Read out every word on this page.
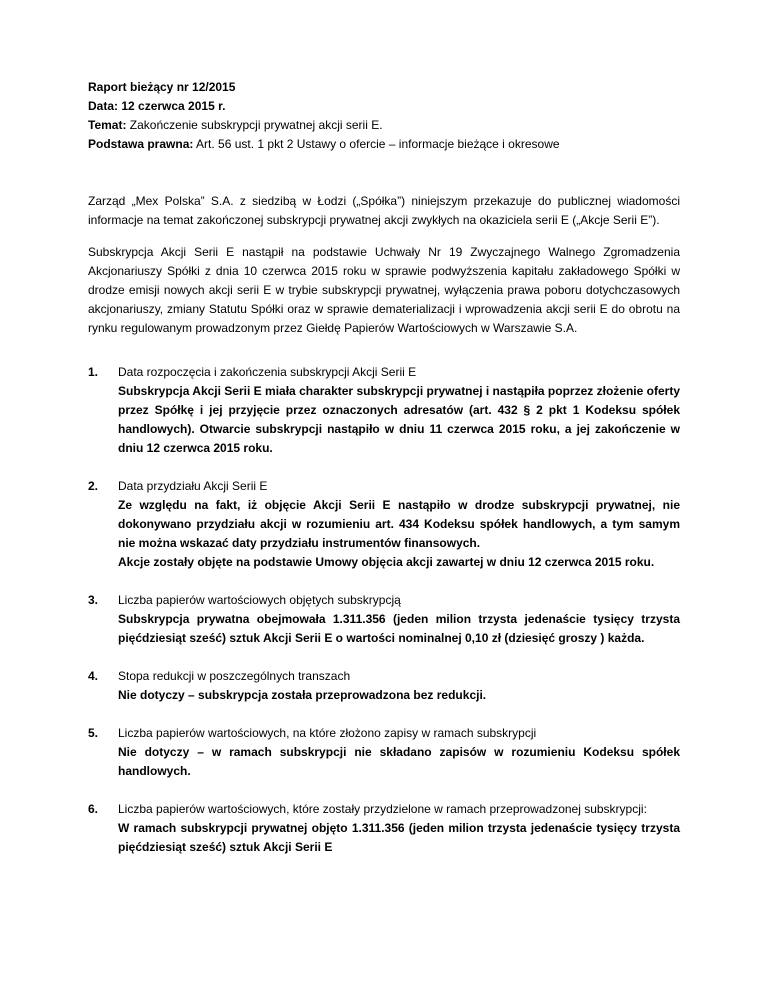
Raport bieżący nr 12/2015

Data: 12 czerwca 2015 r.

Temat: Zakończenie subskrypcji prywatnej akcji serii E.

Podstawa prawna: Art. 56 ust. 1 pkt 2 Ustawy o ofercie – informacje bieżące i okresowe

Zarząd „Mex Polska” S.A. z siedzibą w Łodzi („Spółka”) niniejszym przekazuje do publicznej wiadomości informacje na temat zakończonej subskrypcji prywatnej akcji zwykłych na okaziciela serii E („Akcje Serii E”).

Subskrypcja Akcji Serii E nastąpił na podstawie Uchwały Nr 19 Zwyczajnego Walnego Zgromadzenia Akcjonariuszy Spółki z dnia 10 czerwca 2015 roku w sprawie podwyższenia kapitału zakładowego Spółki w drodze emisji nowych akcji serii E w trybie subskrypcji prywatnej, wyłączenia prawa poboru dotychczasowych akcjonariuszy, zmiany Statutu Spółki oraz w sprawie dematerializacji i wprowadzenia akcji serii E do obrotu na rynku regulowanym prowadzonym przez Giełdę Papierów Wartościowych w Warszawie S.A.

1. Data rozpoczęcia i zakończenia subskrypcji Akcji Serii E
Subskrypcja Akcji Serii E miała charakter subskrypcji prywatnej i nastąpiła poprzez złożenie oferty przez Spółkę i jej przyjęcie przez oznaczonych adresatów (art. 432 § 2 pkt 1 Kodeksu spółek handlowych). Otwarcie subskrypcji nastąpiło w dniu 11 czerwca 2015 roku, a jej zakończenie w dniu 12 czerwca 2015 roku.
2. Data przydziału Akcji Serii E
Ze względu na fakt, iż objęcie Akcji Serii E nastąpiło w drodze subskrypcji prywatnej, nie dokonywano przydziału akcji w rozumieniu art. 434 Kodeksu spółek handlowych, a tym samym nie można wskazać daty przydziału instrumentów finansowych.
Akcje zostały objęte na podstawie Umowy objęcia akcji zawartej w dniu 12 czerwca 2015 roku.
3. Liczba papierów wartościowych objętych subskrypcją
Subskrypcja prywatna obejmowała 1.311.356 (jeden milion trzysta jedenaście tysięcy trzysta pięćdziesiąt sześć) sztuk Akcji Serii E o wartości nominalnej 0,10 zł (dziesięć groszy ) każda.
4. Stopa redukcji w poszczególnych transzach
Nie dotyczy – subskrypcja została przeprowadzona bez redukcji.
5. Liczba papierów wartościowych, na które złożono zapisy w ramach subskrypcji
Nie dotyczy – w ramach subskrypcji nie składano zapisów w rozumieniu Kodeksu spółek handlowych.
6. Liczba papierów wartościowych, które zostały przydzielone w ramach przeprowadzonej subskrypcji:
W ramach subskrypcji prywatnej objęto 1.311.356 (jeden milion trzysta jedenaście tysięcy trzysta pięćdziesiąt sześć) sztuk Akcji Serii E
